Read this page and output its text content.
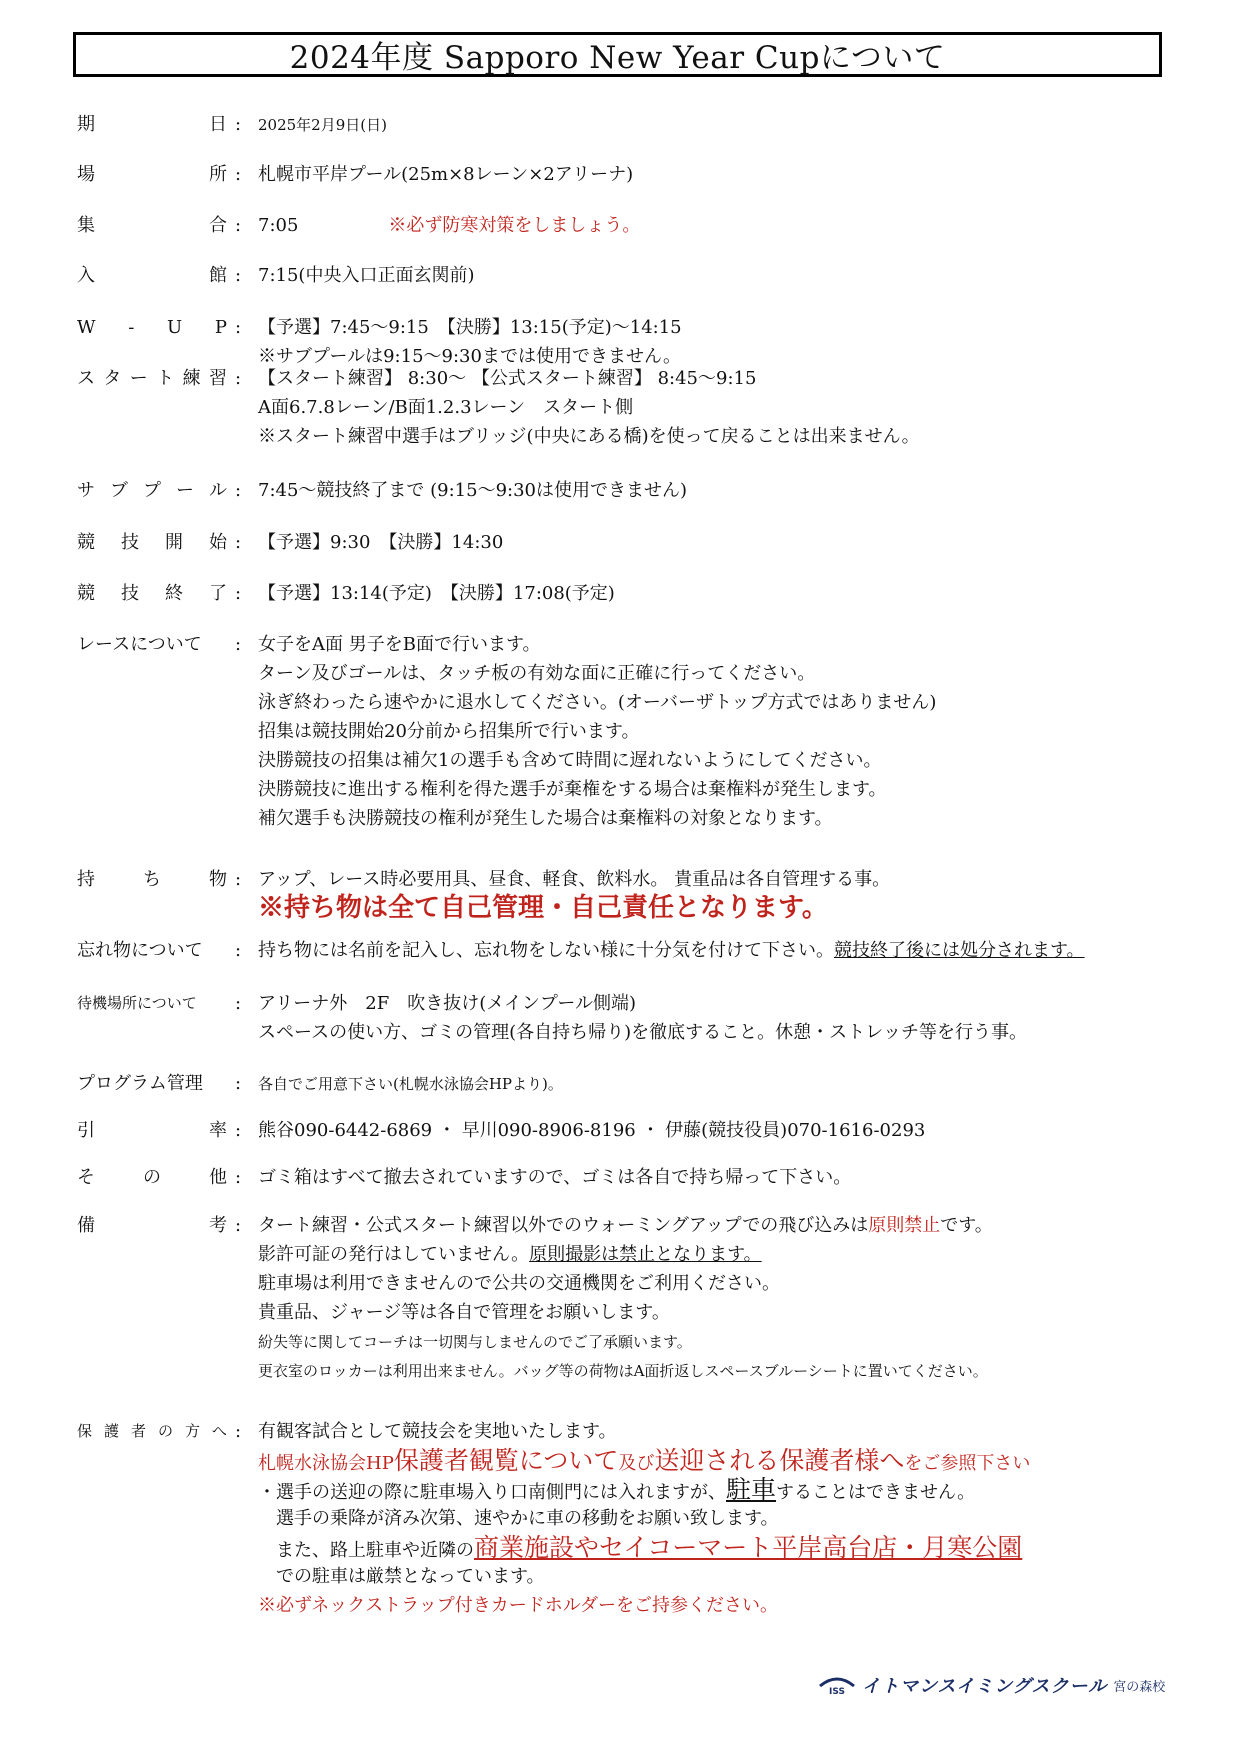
2024年度 Sapporo New Year Cupについて
期	日 : 2025年2月9日(日)
場	所 : 札幌市平岸プール(25m×8レーン×2アリーナ)
集	合 : 7:05　　　　　※必ず防寒対策をしましょう。
入	館 : 7:15(中央入口正面玄関前)
W - U P : 【予選】7:45～9:15　【決勝】13:15(予定)～14:15
※サブプールは9:15～9:30までは使用できません。
ス タ ー ト 練 習 : 【スタート練習】 8:30～ 【公式スタート練習】 8:45～9:15
A面6.7.8レーン/B面1.2.3レーン　スタート側
※スタート練習中選手はブリッジ(中央にある橋)を使って戻ることは出来ません。
サ ブ プ ー ル : 7:45～競技終了まで (9:15～9:30は使用できません)
競 技 開 始 : 【予選】9:30　【決勝】14:30
競 技 終 了 : 【予選】13:14(予定)　【決勝】17:08(予定)
レースについて	: 女子をA面 男子をB面で行います。
ターン及びゴールは、タッチ板の有効な面に正確に行ってください。
泳ぎ終わったら速やかに退水してください。(オーバーザトップ方式ではありません)
招集は競技開始20分前から招集所で行います。
決勝競技の招集は補欠1の選手も含めて時間に遅れないようにしてください。
決勝競技に進出する権利を得た選手が棄権をする場合は棄権料が発生します。
補欠選手も決勝競技の権利が発生した場合は棄権料の対象となります。
持	ち	物 : アップ、レース時必要用具、昼食、軽食、飲料水。 貴重品は各自管理する事。
※持ち物は全て自己管理・自己責任となります。
忘れ物について	: 持ち物には名前を記入し、忘れ物をしない様に十分気を付けて下さい。競技終了後には処分されます。
待機場所について	: アリーナ外　2F　吹き抜け(メインプール側端)
スペースの使い方、ゴミの管理(各自持ち帰り)を徹底すること。休憩・ストレッチ等を行う事。
プログラム管理	: 各自でご用意下さい(札幌水泳協会HPより)。
引	率 : 熊谷090-6442-6869 ・ 早川090-8906-8196 ・ 伊藤(競技役員)070-1616-0293
そ	の	他 : ゴミ箱はすべて撤去されていますので、ゴミは各自で持ち帰って下さい。
備	考 : タート練習・公式スタート練習以外でのウォーミングアップでの飛び込みは原則禁止です。
影許可証の発行はしていません。原則撮影は禁止となります。
駐車場は利用できませんので公共の交通機関をご利用ください。
貴重品、ジャージ等は各自で管理をお願いします。
紛失等に関してコーチは一切関与しませんのでご了承願います。
更衣室のロッカーは利用出来ません。バッグ等の荷物はA面折返しスペースブルーシートに置いてください。
保 護 者 の 方 へ : 有観客試合として競技会を実地いたします。
札幌水泳協会HP保護者観覧について及び送迎される保護者様へをご参照下さい
・選手の送迎の際に駐車場入り口南側門には入れますが、駐車することはできません。
　選手の乗降が済み次第、速やかに車の移動をお願い致します。
　また、路上駐車や近隣の商業施設やセイコーマート平岸高台店・月寒公園
　での駐車は厳禁となっています。
※必ずネックストラップ付きカードホルダーをご持参ください。
ISS イトマンスイミングスクール 宮の森校
